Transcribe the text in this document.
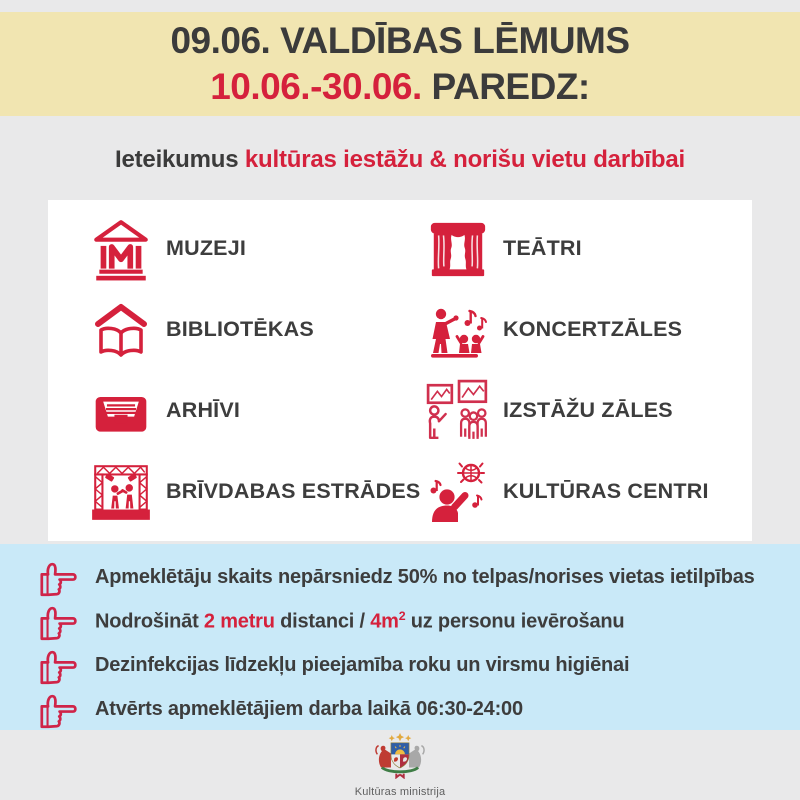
09.06. VALDĪBAS LĒMUMS
10.06.-30.06. PAREDZ:

Ieteikumus kultūras iestāžu & norišu vietu darbībai

MUZEJI	TEĀTRI
BIBLIOTĒKAS	KONCERTZĀLES
ARHĪVI	IZSTĀŽU ZĀLES
BRĪVDABAS ESTRĀDES	KULTŪRAS CENTRI

Apmeklētāju skaits nepārsniedz 50% no telpas/norises vietas ietilpības

Nodrošināt 2 metru distanci / $4m^2$ uz personu ievērošanu

Dezinfekcijas līdzekļu pieejamība roku un virsmu higiēnai

Atvērts apmeklētājiem darba laikā 06:30-24:00

Kultūras ministrija
